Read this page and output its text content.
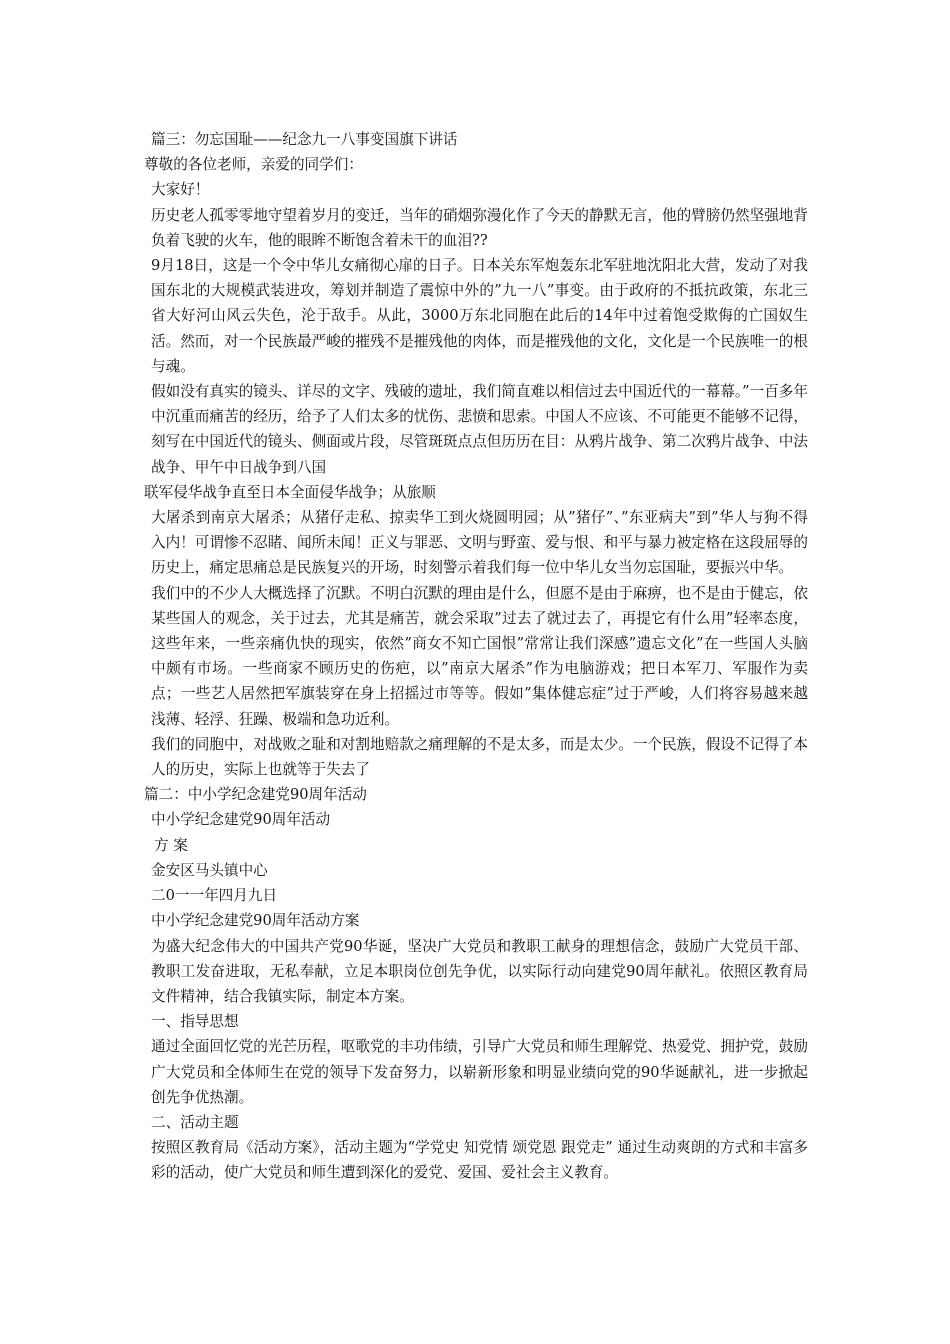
篇三：勿忘国耻——纪念九一八事变国旗下讲话

尊敬的各位老师，亲爱的同学们：

大家好！

历史老人孤零零地守望着岁月的变迁，当年的硝烟弥漫化作了今天的静默无言，他的臂膀仍然坚强地背负着飞驶的火车，他的眼眸不断饱含着未干的血泪??

9月18日，这是一个令中华儿女痛彻心扉的日子。日本关东军炮轰东北军驻地沈阳北大营，发动了对我国东北的大规模武装进攻，筹划并制造了震惊中外的”九一八”事变。由于政府的不抵抗政策，东北三省大好河山风云失色，沦于敌手。从此，3000万东北同胞在此后的14年中过着饱受欺侮的亡国奴生活。然而，对一个民族最严峻的摧残不是摧残他的肉体，而是摧残他的文化，文化是一个民族唯一的根与魂。

假如没有真实的镜头、详尽的文字、残破的遗址，我们简直难以相信过去中国近代的一幕幕。”一百多年中沉重而痛苦的经历，给予了人们太多的忧伤、悲愤和思索。中国人不应该、不可能更不能够不记得，刻写在中国近代的镜头、侧面或片段，尽管斑斑点点但历历在目：从鸦片战争、第二次鸦片战争、中法战争、甲午中日战争到八国

联军侵华战争直至日本全面侵华战争；从旅顺

大屠杀到南京大屠杀；从猪仔走私、掠卖华工到火烧圆明园；从”猪仔”、”东亚病夫”到”华人与狗不得入内！可谓惨不忍睹、闻所未闻！正义与罪恶、文明与野蛮、爱与恨、和平与暴力被定格在这段屈辱的历史上，痛定思痛总是民族复兴的开场，时刻警示着我们每一位中华儿女当勿忘国耻，要振兴中华。

我们中的不少人大概选择了沉默。不明白沉默的理由是什么，但愿不是由于麻痹，也不是由于健忘，依某些国人的观念，关于过去，尤其是痛苦，就会采取”过去了就过去了，再提它有什么用”轻率态度，这些年来，一些亲痛仇快的现实，依然”商女不知亡国恨”常常让我们深感”遗忘文化”在一些国人头脑中颇有市场。一些商家不顾历史的伤疤，以”南京大屠杀”作为电脑游戏；把日本军刀、军服作为卖点；一些艺人居然把军旗装穿在身上招摇过市等等。假如”集体健忘症”过于严峻，人们将容易越来越浅薄、轻浮、狂躁、极端和急功近利。

我们的同胞中，对战败之耻和对割地赔款之痛理解的不是太多，而是太少。一个民族，假设不记得了本人的历史，实际上也就等于失去了

篇二：中小学纪念建党90周年活动

中小学纪念建党90周年活动

方 案

金安区马头镇中心

二0一一年四月九日

中小学纪念建党90周年活动方案

为盛大纪念伟大的中国共产党90华诞，坚决广大党员和教职工献身的理想信念，鼓励广大党员干部、教职工发奋进取，无私奉献，立足本职岗位创先争优，以实际行动向建党90周年献礼。依照区教育局文件精神，结合我镇实际，制定本方案。

一、指导思想

通过全面回忆党的光芒历程，呕歌党的丰功伟绩，引导广大党员和师生理解党、热爱党、拥护党，鼓励广大党员和全体师生在党的领导下发奋努力，以崭新形象和明显业绩向党的90华诞献礼，进一步掀起创先争优热潮。

二、活动主题

按照区教育局《活动方案》，活动主题为“学党史 知党情 颂党恩 跟党走” 通过生动爽朗的方式和丰富多彩的活动，使广大党员和师生遭到深化的爱党、爱国、爱社会主义教育。
